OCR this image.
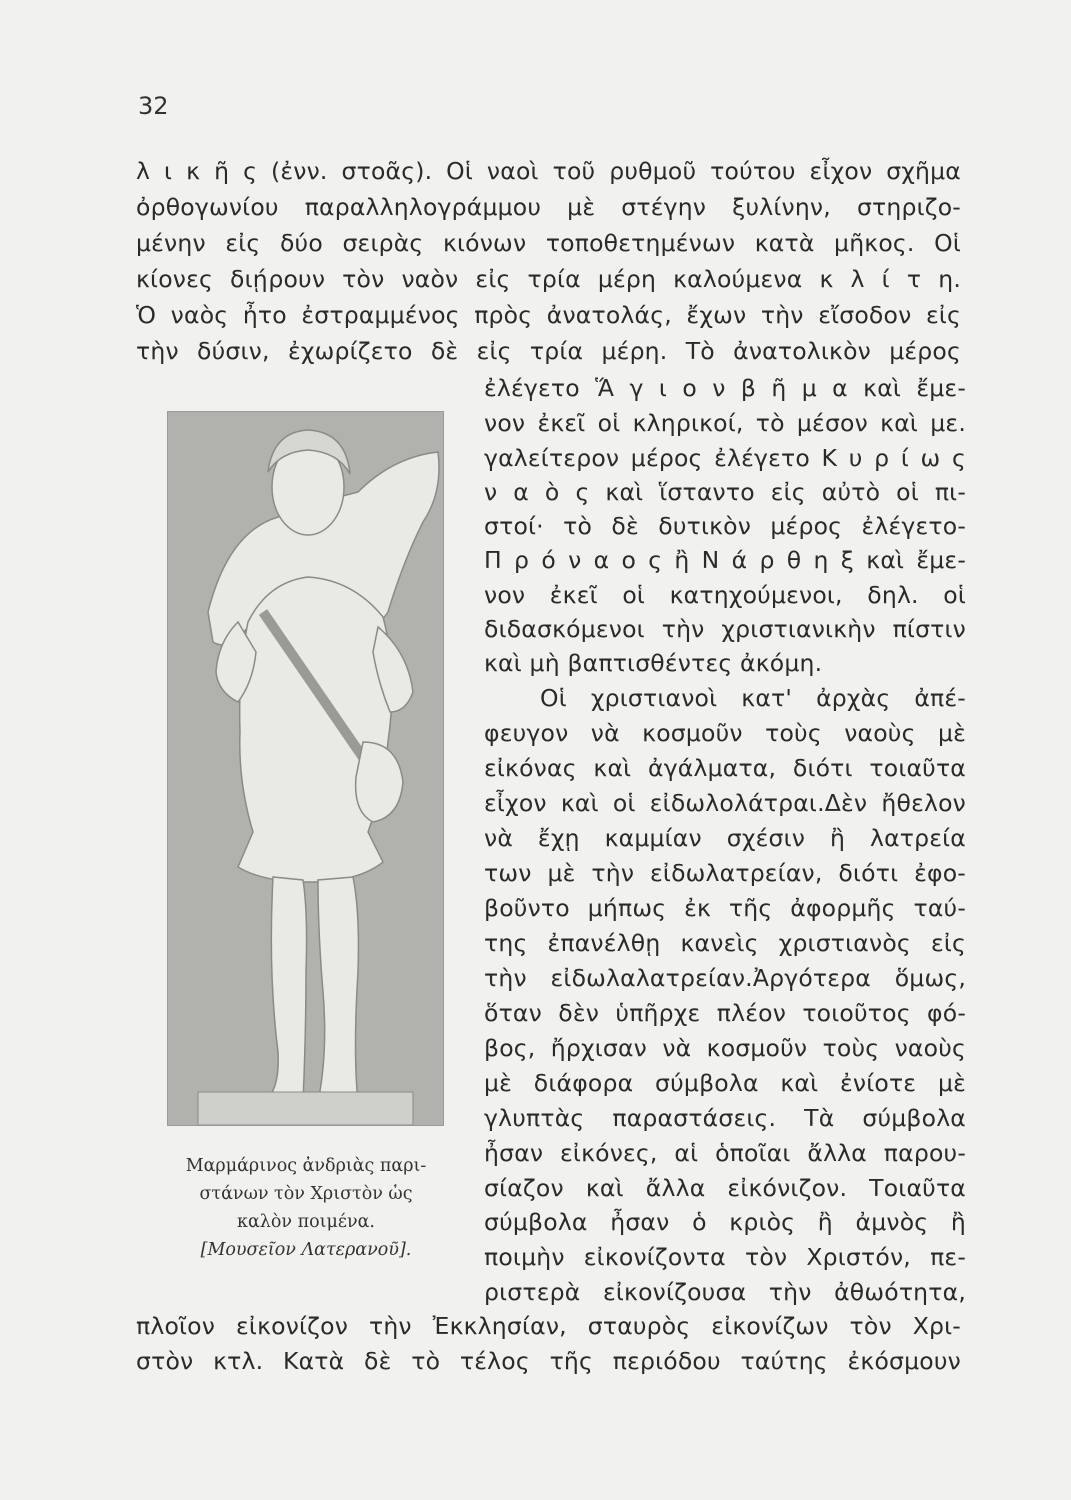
32
λ ι κ ῆ ς (ἐνν. στοᾶς). Οἱ ναοὶ τοῦ ρυθμοῦ τούτου εἶχον σχῆμα
ὀρθογωνίου παραλληλογράμμου μὲ στέγην ξυλίνην, στηριζο-
μένην εἰς δύο σειρὰς κιόνων τοποθετημένων κατὰ μῆκος. Οἱ
κίονες διῄρουν τὸν ναὸν εἰς τρία μέρη καλούμενα κ λ ί τ η.
Ὁ ναὸς ἦτο ἐστραμμένος πρὸς ἀνατολάς, ἔχων τὴν εἴσοδον εἰς
τὴν δύσιν, ἐχωρίζετο δὲ εἰς τρία μέρη. Τὸ ἀνατολικὸν μέρος
ἐλέγετο Ἅ γ ι ο ν β ῆ μ α καὶ ἔμε-
νον ἐκεῖ οἱ κληρικοί, τὸ μέσον καὶ με.
γαλείτερον μέρος ἐλέγετο Κ υ ρ ί ω ς
ν α ὸ ς καὶ ἵσταντο εἰς αὐτὸ οἱ πι-
στοί· τὸ δὲ δυτικὸν μέρος ἐλέγετο-
Π ρ ό ν α ο ς ἢ Ν ά ρ θ η ξ καὶ ἔμε-
νον ἐκεῖ οἱ κατηχούμενοι, δηλ. οἱ
διδασκόμενοι τὴν χριστιανικὴν πίστιν
καὶ μὴ βαπτισθέντες ἀκόμη.
Οἱ χριστιανοὶ κατ' ἀρχὰς ἀπέ-
φευγον νὰ κοσμοῦν τοὺς ναοὺς μὲ
εἰκόνας καὶ ἀγάλματα, διότι τοιαῦτα
εἶχον καὶ οἱ εἰδωλολάτραι.Δὲν ἤθελον
νὰ ἔχῃ καμμίαν σχέσιν ἢ λατρεία
των μὲ τὴν εἰδωλατρείαν, διότι ἐφο-
βοῦντο μήπως ἐκ τῆς ἀφορμῆς ταύ-
της ἐπανέλθῃ κανεὶς χριστιανὸς εἰς
τὴν εἰδωλαλατρείαν.Ἀργότερα ὅμως,
ὅταν δὲν ὑπῆρχε πλέον τοιοῦτος φό-
βος, ἤρχισαν νὰ κοσμοῦν τοὺς ναοὺς
μὲ διάφορα σύμβολα καὶ ἐνίοτε μὲ
γλυπτὰς παραστάσεις. Τὰ σύμβολα
ἦσαν εἰκόνες, αἱ ὁποῖαι ἄλλα παρου-
σίαζον καὶ ἄλλα εἰκόνιζον. Τοιαῦτα
σύμβολα ἦσαν ὁ κριὸς ἢ ἀμνὸς ἢ
ποιμὴν εἰκονίζοντα τὸν Χριστόν, πε-
ριστερὰ εἰκονίζουσα τὴν ἀθωότητα,
πλοῖον εἰκονίζον τὴν Ἐκκλησίαν, σταυρὸς εἰκονίζων τὸν Χρι-
στὸν κτλ. Κατὰ δὲ τὸ τέλος τῆς περιόδου ταύτης ἐκόσμουν
Μαρμάρινος ἀνδριὰς παρι-
στάνων τὸν Χριστὸν ὡς
καλὸν ποιμένα.
[Μουσεῖον Λατερανοῦ].
